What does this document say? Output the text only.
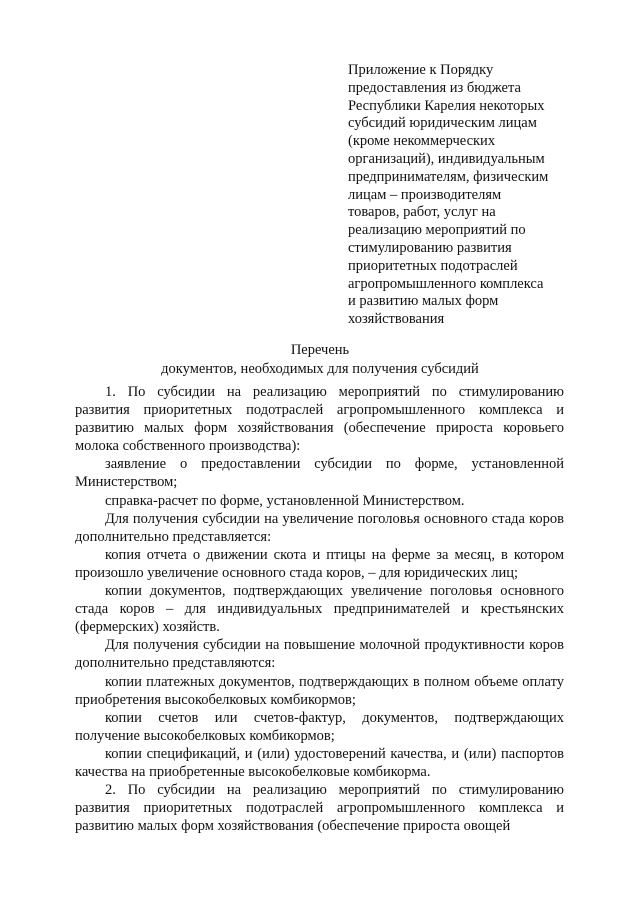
Приложение к Порядку
предоставления из бюджета
Республики Карелия некоторых
субсидий юридическим лицам
(кроме некоммерческих
организаций), индивидуальным
предпринимателям, физическим
лицам – производителям
товаров, работ, услуг на
реализацию мероприятий по
стимулированию развития
приоритетных подотраслей
агропромышленного комплекса
и развитию малых форм
хозяйствования
Перечень
документов, необходимых для получения субсидий

1. По субсидии на реализацию мероприятий по стимулированию развития приоритетных подотраслей агропромышленного комплекса и развитию малых форм хозяйствования (обеспечение прироста коровьего молока собственного производства):

заявление о предоставлении субсидии по форме, установленной Министерством;

справка-расчет по форме, установленной Министерством.

Для получения субсидии на увеличение поголовья основного стада коров дополнительно представляется:

копия отчета о движении скота и птицы на ферме за месяц, в котором произошло увеличение основного стада коров, – для юридических лиц;

копии документов, подтверждающих увеличение поголовья основного стада коров – для индивидуальных предпринимателей и крестьянских (фермерских) хозяйств.

Для получения субсидии на повышение молочной продуктивности коров дополнительно представляются:

копии платежных документов, подтверждающих в полном объеме оплату приобретения высокобелковых комбикормов;

копии счетов или счетов-фактур, документов, подтверждающих получение высокобелковых комбикормов;

копии спецификаций, и (или) удостоверений качества, и (или) паспортов качества на приобретенные высокобелковые комбикорма.

2. По субсидии на реализацию мероприятий по стимулированию развития приоритетных подотраслей агропромышленного комплекса и развитию малых форм хозяйствования (обеспечение прироста овощей
